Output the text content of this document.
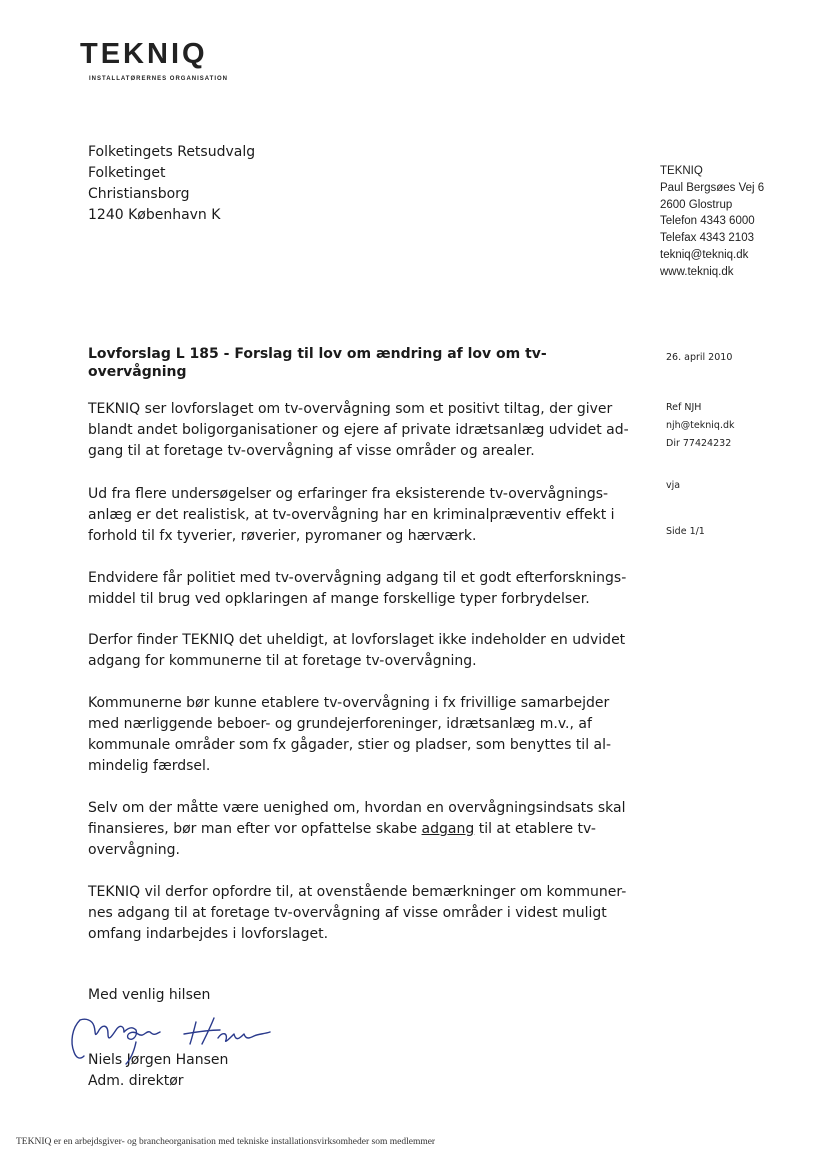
TEKNIQ
INSTALLATØRERNES ORGANISATION
Folketingets Retsudvalg
Folketinget
Christiansborg
1240 København K
TEKNIQ
Paul Bergsøes Vej 6
2600 Glostrup
Telefon 4343 6000
Telefax 4343 2103
tekniq@tekniq.dk
www.tekniq.dk
Lovforslag L 185 - Forslag til lov om ændring af lov om tv-overvågning
26. april 2010
Ref NJH
njh@tekniq.dk
Dir 77424232
vja
Side 1/1
TEKNIQ ser lovforslaget om tv-overvågning som et positivt tiltag, der giver
blandt andet boligorganisationer og ejere af private idrætsanlæg udvidet ad-
gang til at foretage tv-overvågning af visse områder og arealer.
Ud fra flere undersøgelser og erfaringer fra eksisterende tv-overvågnings-
anlæg er det realistisk, at tv-overvågning har en kriminalpræventiv effekt i
forhold til fx tyverier, røverier, pyromaner og hærværk.
Endvidere får politiet med tv-overvågning adgang til et godt efterforsknings-
middel til brug ved opklaringen af mange forskellige typer forbrydelser.
Derfor finder TEKNIQ det uheldigt, at lovforslaget ikke indeholder en udvidet
adgang for kommunerne til at foretage tv-overvågning.
Kommunerne bør kunne etablere tv-overvågning i fx frivillige samarbejder
med nærliggende beboer- og grundejerforeninger, idrætsanlæg m.v., af
kommunale områder som fx gågader, stier og pladser, som benyttes til al-
mindelig færdsel.
Selv om der måtte være uenighed om, hvordan en overvågningsindsats skal
finansieres, bør man efter vor opfattelse skabe adgang til at etablere tv-
overvågning.
TEKNIQ vil derfor opfordre til, at ovenstående bemærkninger om kommuner-
nes adgang til at foretage tv-overvågning af visse områder i videst muligt
omfang indarbejdes i lovforslaget.
Med venlig hilsen
Niels Jørgen Hansen
Adm. direktør
TEKNIQ er en arbejdsgiver- og brancheorganisation med tekniske installationsvirksomheder som medlemmer
